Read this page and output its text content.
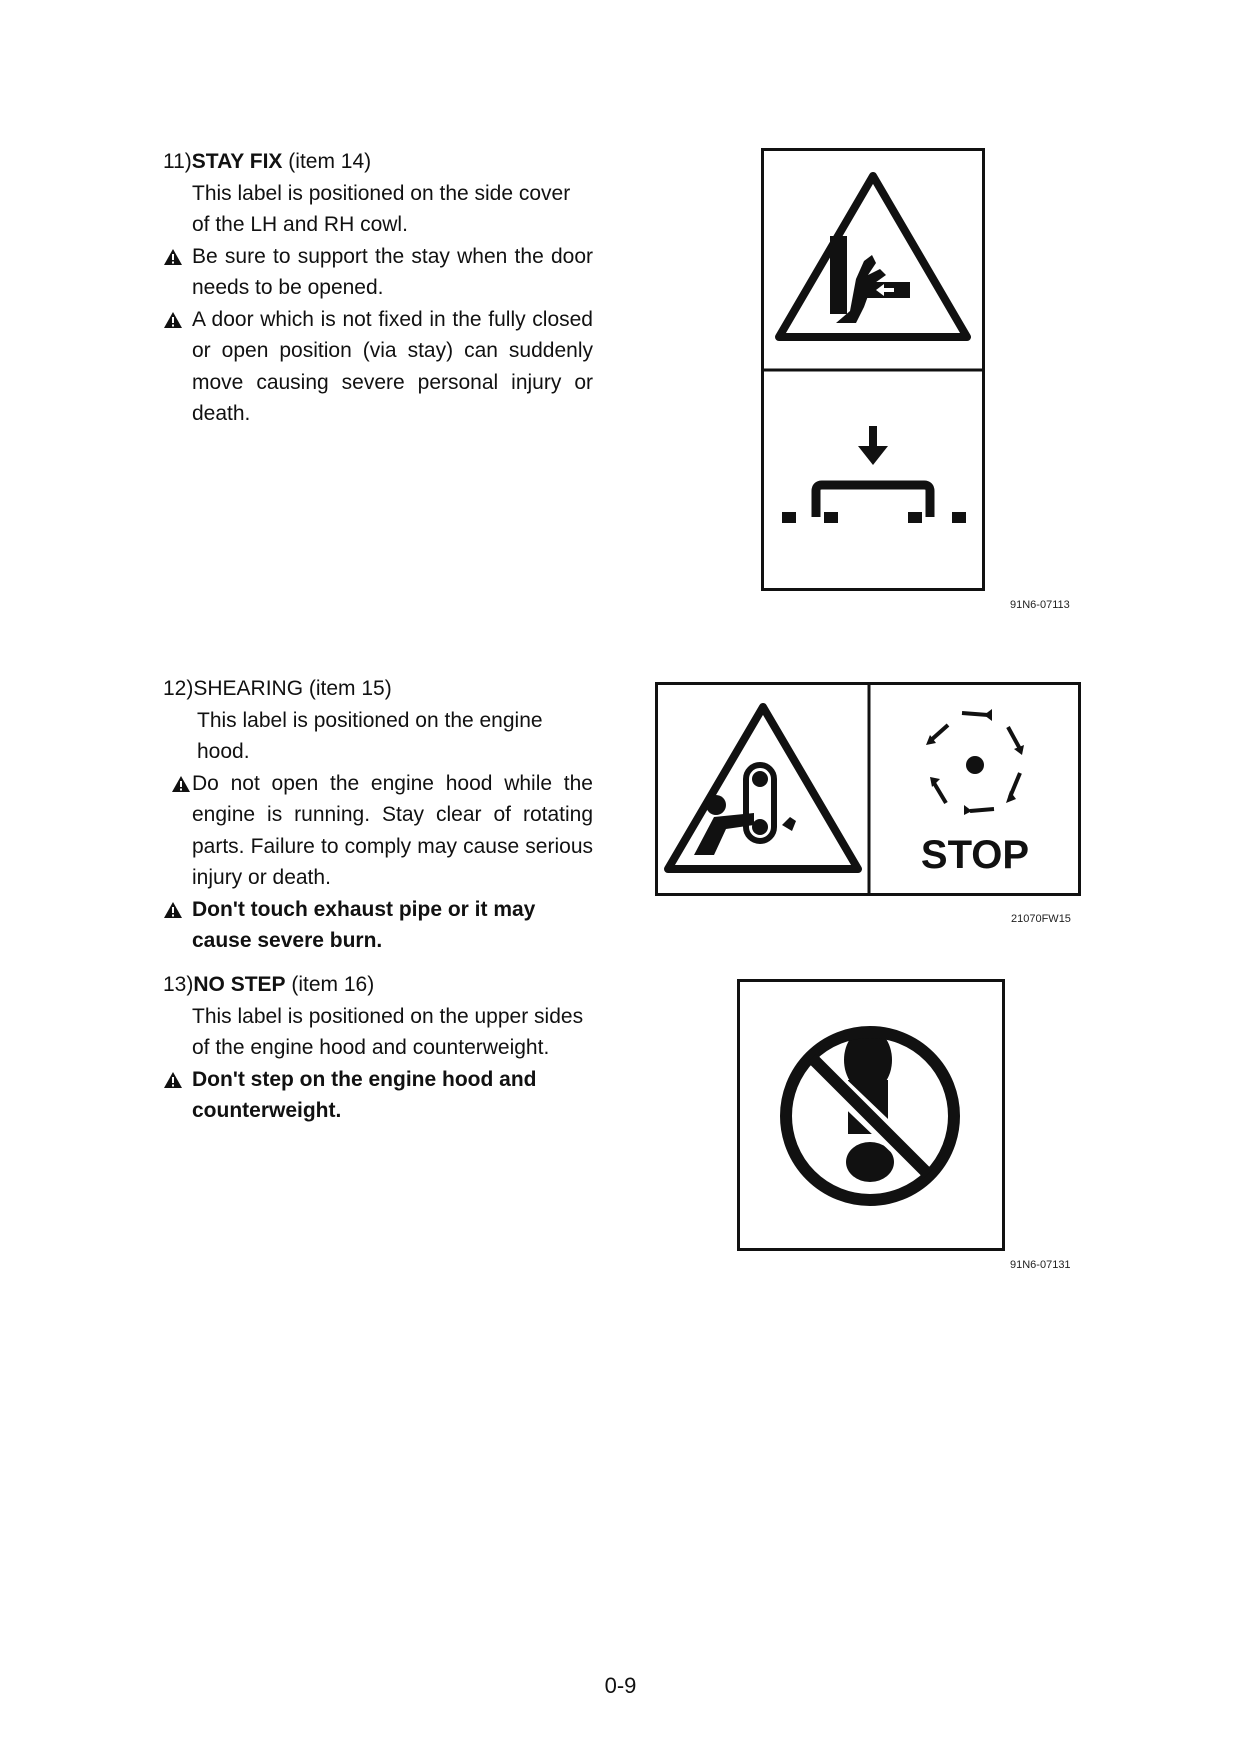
11)STAY FIX (item 14)
This label is positioned on the side cover of the LH and RH cowl.
Be sure to support the stay when the door needs to be opened.
A door which is not fixed in the fully closed or open position (via stay) can suddenly move causing severe personal injury or death.
91N6-07113
12)SHEARING (item 15)
This label is positioned on the engine hood.
Do not open the engine hood while the engine is running. Stay clear of rotating parts. Failure to comply may cause serious injury or death.
Don't touch exhaust pipe or it may cause severe burn.
STOP
21070FW15
13)NO STEP (item 16)
This label is positioned on the upper sides of the engine hood and counterweight.
Don't step on the engine hood and counterweight.
91N6-07131
0-9
